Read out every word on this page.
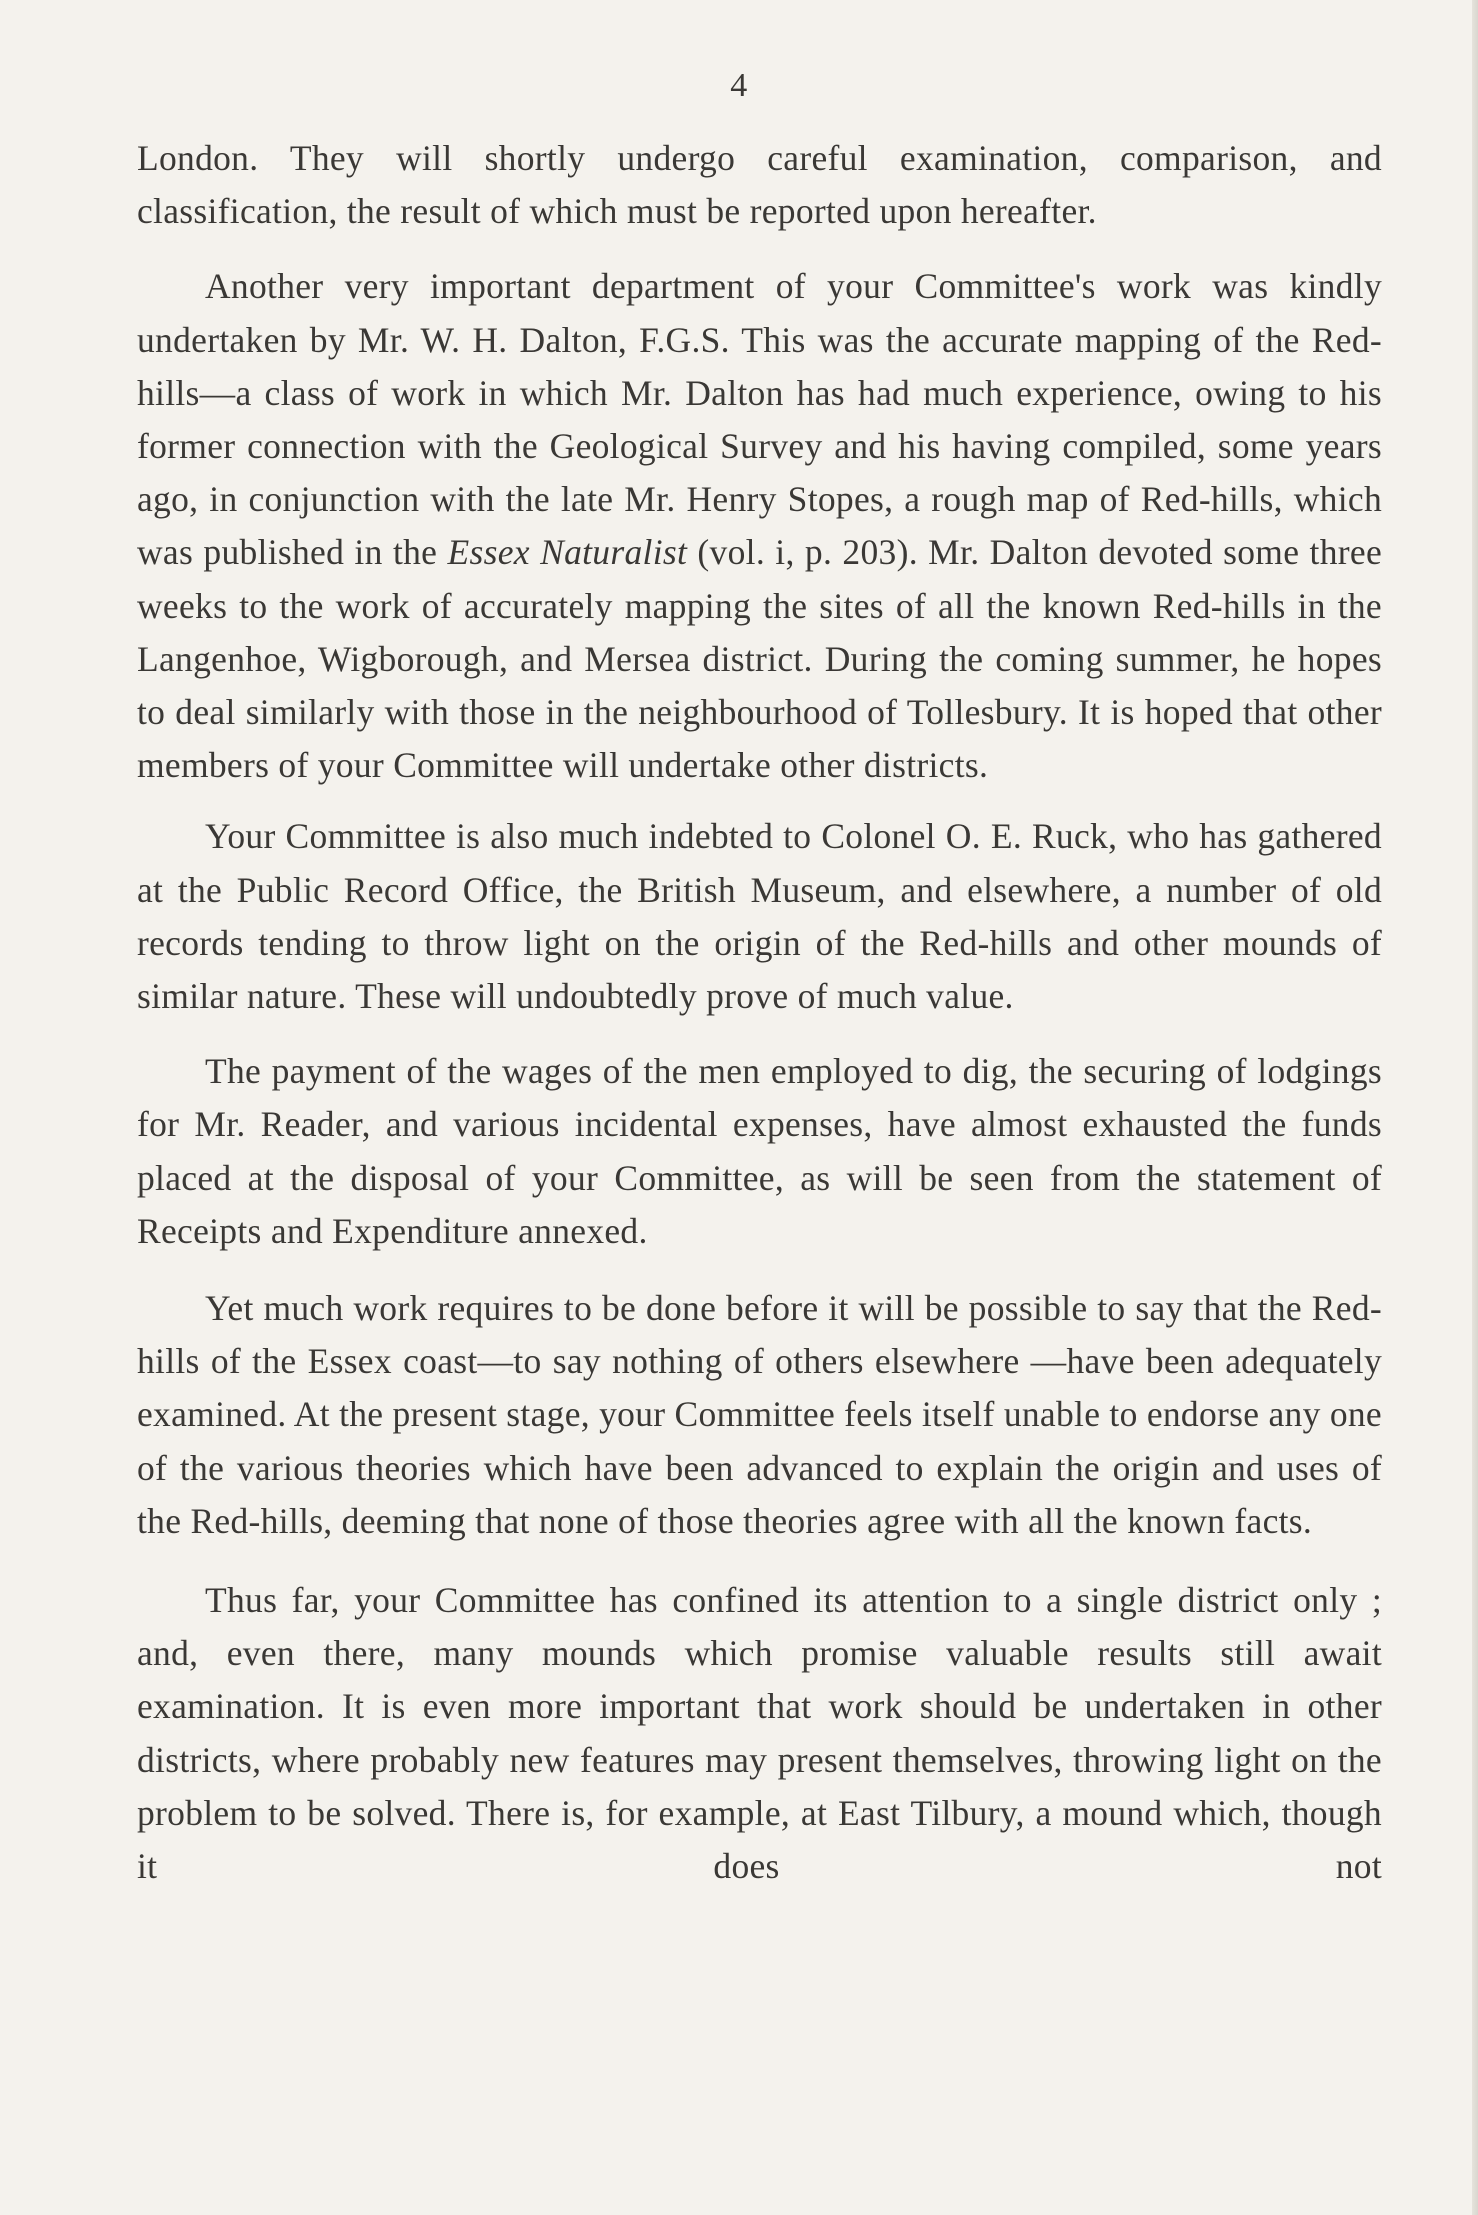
4

London. They will shortly undergo careful examination, comparison, and classification, the result of which must be reported upon hereafter.

Another very important department of your Committee's work was kindly undertaken by Mr. W. H. Dalton, F.G.S. This was the accurate mapping of the Red-hills—a class of work in which Mr. Dalton has had much experience, owing to his former connection with the Geological Survey and his having compiled, some years ago, in conjunction with the late Mr. Henry Stopes, a rough map of Red-hills, which was published in the Essex Naturalist (vol. i, p. 203). Mr. Dalton devoted some three weeks to the work of accurately mapping the sites of all the known Red-hills in the Langenhoe, Wigborough, and Mersea district. During the coming summer, he hopes to deal similarly with those in the neighbourhood of Tollesbury. It is hoped that other members of your Committee will undertake other districts.

Your Committee is also much indebted to Colonel O. E. Ruck, who has gathered at the Public Record Office, the British Museum, and elsewhere, a number of old records tending to throw light on the origin of the Red-hills and other mounds of similar nature. These will undoubtedly prove of much value.

The payment of the wages of the men employed to dig, the securing of lodgings for Mr. Reader, and various incidental expenses, have almost exhausted the funds placed at the disposal of your Committee, as will be seen from the statement of Receipts and Expenditure annexed.

Yet much work requires to be done before it will be possible to say that the Red-hills of the Essex coast—to say nothing of others elsewhere —have been adequately examined. At the present stage, your Committee feels itself unable to endorse any one of the various theories which have been advanced to explain the origin and uses of the Red-hills, deeming that none of those theories agree with all the known facts.

Thus far, your Committee has confined its attention to a single district only ; and, even there, many mounds which promise valuable results still await examination. It is even more important that work should be undertaken in other districts, where probably new features may present themselves, throwing light on the problem to be solved. There is, for example, at East Tilbury, a mound which, though it does not
